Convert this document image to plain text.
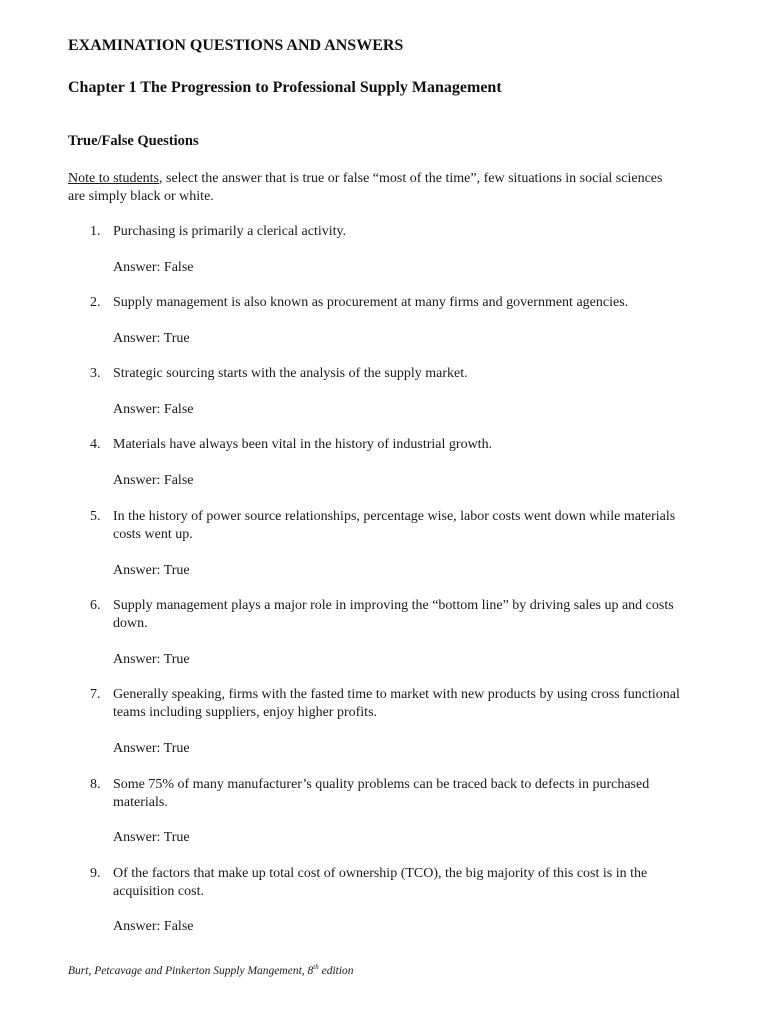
EXAMINATION QUESTIONS AND ANSWERS
Chapter 1 The Progression to Professional Supply Management
True/False Questions
Note to students, select the answer that is true or false “most of the time”, few situations in social sciences are simply black or white.
1. Purchasing is primarily a clerical activity.
Answer: False
2. Supply management is also known as procurement at many firms and government agencies.
Answer: True
3. Strategic sourcing starts with the analysis of the supply market.
Answer: False
4. Materials have always been vital in the history of industrial growth.
Answer: False
5. In the history of power source relationships, percentage wise, labor costs went down while materials costs went up.
Answer: True
6. Supply management plays a major role in improving the “bottom line” by driving sales up and costs down.
Answer: True
7. Generally speaking, firms with the fasted time to market with new products by using cross functional teams including suppliers, enjoy higher profits.
Answer: True
8. Some 75% of many manufacturer’s quality problems can be traced back to defects in purchased materials.
Answer: True
9. Of the factors that make up total cost of ownership (TCO), the big majority of this cost is in the acquisition cost.
Answer: False
Burt, Petcavage and Pinkerton Supply Mangement, 8th edition
